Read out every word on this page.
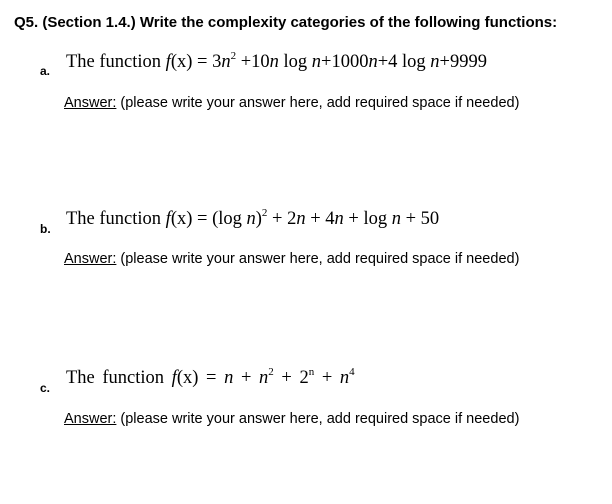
Q5. (Section 1.4.) Write the complexity categories of the following functions:
a. The function $f(x) = 3n^2 +10n$ log n+1000n+4 log n+9999
Answer: (please write your answer here, add required space if needed)
b. The function f(x) = (log n)$^2$ + 2n + 4n + log n + 50
Answer: (please write your answer here, add required space if needed)
c. The function $f(x) = n + n^2 + 2^n + n^4$
Answer: (please write your answer here, add required space if needed)
